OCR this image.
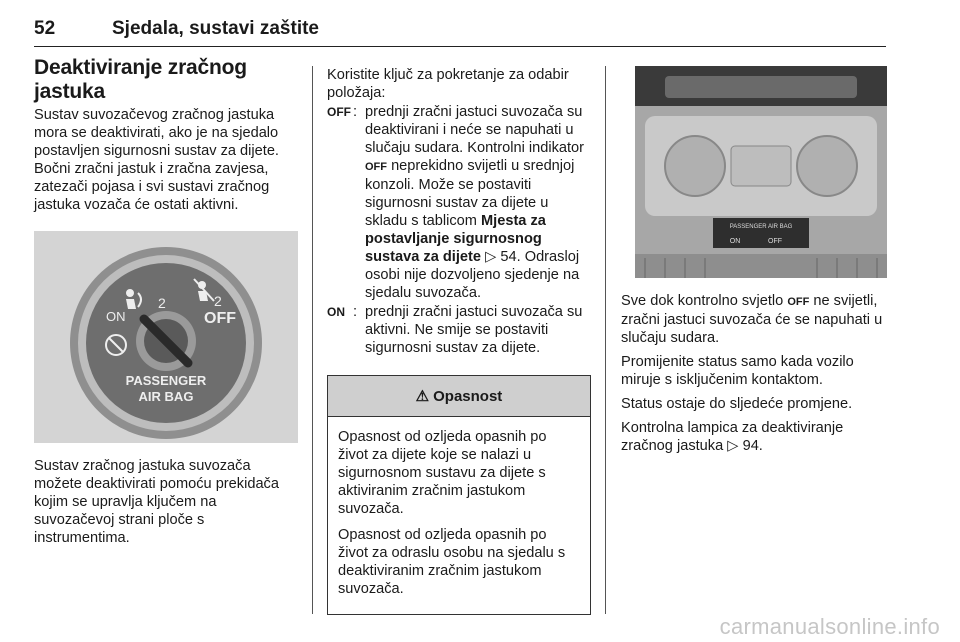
52	Sjedala, sustavi zaštite
Deaktiviranje zračnog jastuka

Sustav suvozačevog zračnog jastuka mora se deaktivirati, ako je na sjedalo postavljen sigurnosni sustav za dijete. Bočni zračni jastuk i zračna zavjesa, zatezači pojasa i svi sustavi zračnog jastuka vozača će ostati aktivni.

2	2
ON	OFF
PASSENGER
AIR BAG

Sustav zračnog jastuka suvozača možete deaktivirati pomoću prekidača kojim se upravlja ključem na suvozačevoj strani ploče s instrumentima.

Koristite ključ za pokretanje za odabir položaja:

OFF : prednji zračni jastuci suvozača su deaktivirani i neće se napuhati u slučaju sudara. Kontrolni indikator OFF neprekidno svijetli u srednjoj konzoli. Može se postaviti sigurnosni sustav za dijete u skladu s tablicom Mjesta za postavljanje sigurnosnog sustava za dijete ▷ 54. Odrasloj osobi nije dozvoljeno sjedenje na sjedalu suvozača.
ON : prednji zračni jastuci suvozača su aktivni. Ne smije se postaviti sigurnosni sustav za dijete.
⚠ Opasnost

Opasnost od ozljeda opasnih po život za dijete koje se nalazi u sigurnosnom sustavu za dijete s aktiviranim zračnim jastukom suvozača.

Opasnost od ozljeda opasnih po život za odraslu osobu na sjedalu s deaktiviranim zračnim jastukom suvozača.

PASSENGER AIR BAG
ON	OFF

Sve dok kontrolno svjetlo OFF ne svijetli, zračni jastuci suvozača će se napuhati u slučaju sudara.

Promijenite status samo kada vozilo miruje s isključenim kontaktom.

Status ostaje do sljedeće promjene.

Kontrolna lampica za deaktiviranje zračnog jastuka ▷ 94.

carmanualsonline.info
